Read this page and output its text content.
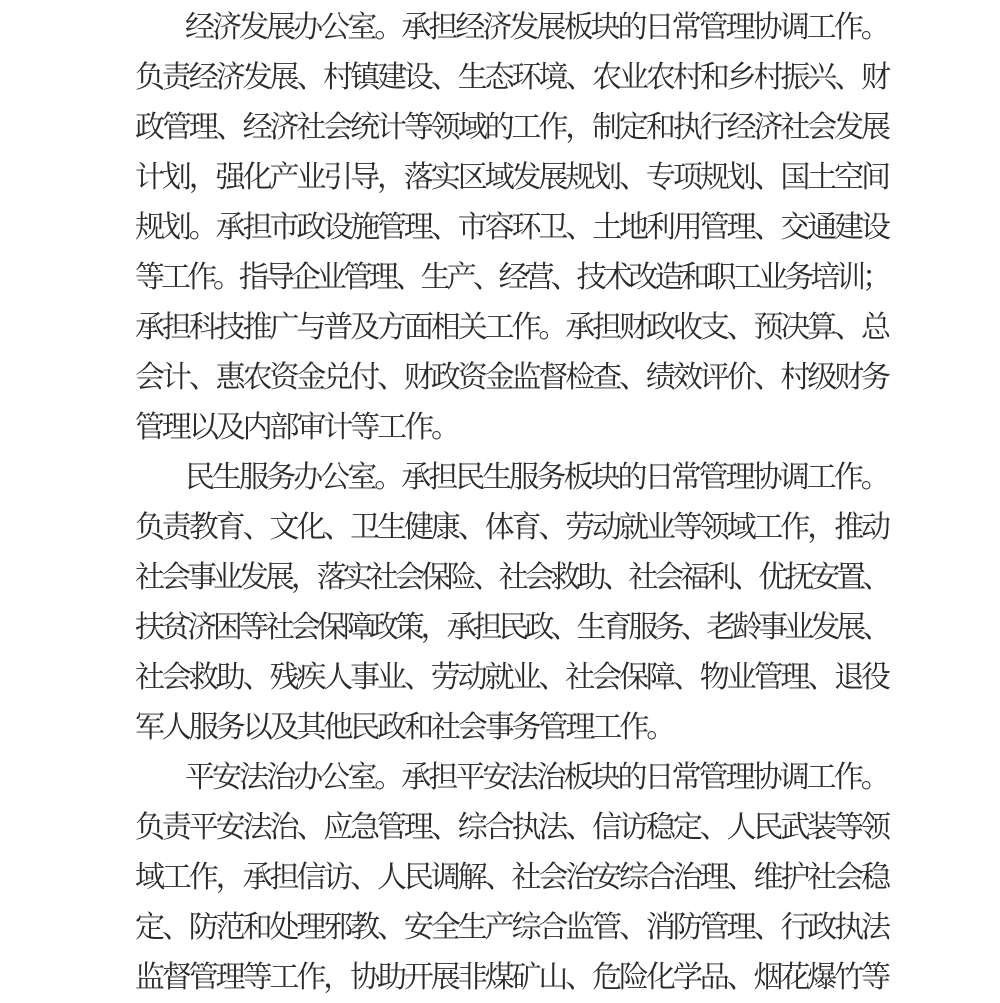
经 济 发 展 办 公 室 。 承 担 经 济 发 展 板 块 的 日 常 管 理 协 调 工 作 。
负 责 经 济 发 展 、 村 镇 建 设 、 生 态 环 境 、 农 业 农 村 和 乡 村 振 兴 、 财
政 管 理 、 经 济 社 会 统 计 等 领 域 的 工 作 ， 制 定 和 执 行 经 济 社 会 发 展
计 划 ， 强 化 产 业 引 导 ， 落 实 区 域 发 展 规 划 、 专 项 规 划 、 国 土 空 间
规 划 。 承 担 市 政 设 施 管 理 、 市 容 环 卫 、 土 地 利 用 管 理 、 交 通 建 设
等 工 作 。 指 导 企 业 管 理 、 生 产 、 经 营 、 技 术 改 造 和 职 工 业 务 培 训 ；
承 担 科 技 推 广 与 普 及 方 面 相 关 工 作 。 承 担 财 政 收 支 、 预 决 算 、 总
会 计 、 惠 农 资 金 兑 付 、 财 政 资 金 监 督 检 查 、 绩 效 评 价 、 村 级 财 务
管 理 以 及 内 部 审 计 等 工 作 。
民 生 服 务 办 公 室 。 承 担 民 生 服 务 板 块 的 日 常 管 理 协 调 工 作 。
负 责 教 育 、 文 化 、 卫 生 健 康 、 体 育 、 劳 动 就 业 等 领 域 工 作 ， 推 动
社 会 事 业 发 展 ， 落 实 社 会 保 险 、 社 会 救 助 、 社 会 福 利 、 优 抚 安 置 、
扶 贫 济 困 等 社 会 保 障 政 策 ， 承 担 民 政 、 生 育 服 务 、 老 龄 事 业 发 展 、
社 会 救 助 、 残 疾 人 事 业 、 劳 动 就 业 、 社 会 保 障 、 物 业 管 理 、 退 役
军 人 服 务 以 及 其 他 民 政 和 社 会 事 务 管 理 工 作 。
平 安 法 治 办 公 室 。 承 担 平 安 法 治 板 块 的 日 常 管 理 协 调 工 作 。
负 责 平 安 法 治 、 应 急 管 理 、 综 合 执 法 、 信 访 稳 定 、 人 民 武 装 等 领
域 工 作 ， 承 担 信 访 、 人 民 调 解 、 社 会 治 安 综 合 治 理 、 维 护 社 会 稳
定 、 防 范 和 处 理 邪 教 、 安 全 生 产 综 合 监 管 、 消 防 管 理 、 行 政 执 法
监 督 管 理 等 工 作 ， 协 助 开 展 非 煤 矿 山 、 危 险 化 学 品 、 烟 花 爆 竹 等
